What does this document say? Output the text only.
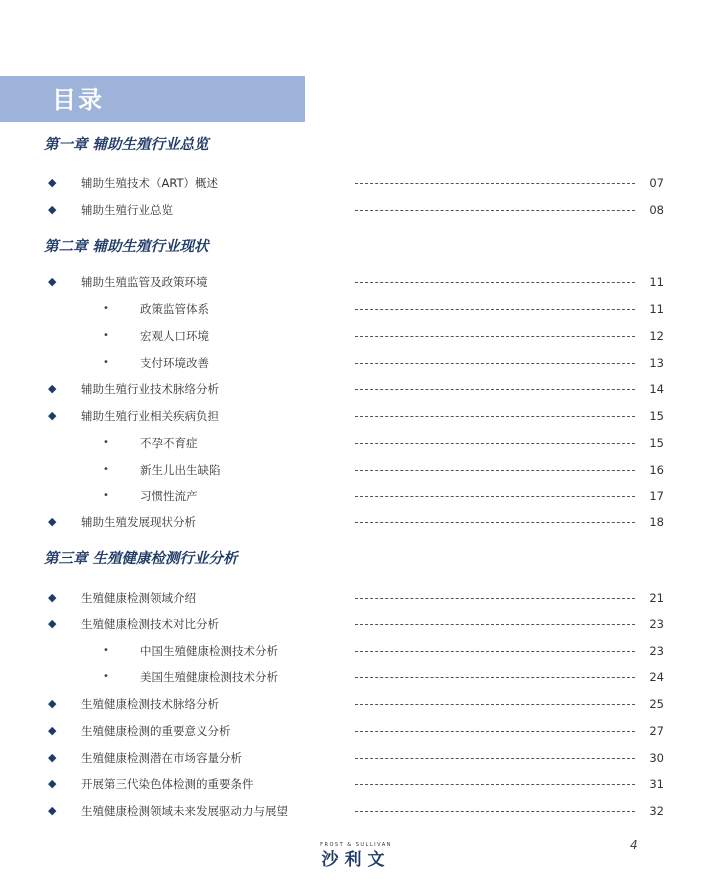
目录
第一章 辅助生殖行业总览
◆ 辅助生殖技术（ART）概述	07
◆ 辅助生殖行业总览	08
第二章 辅助生殖行业现状
◆ 辅助生殖监管及政策环境	11
•	政策监管体系	11
•	宏观人口环境	12
•	支付环境改善	13
◆ 辅助生殖行业技术脉络分析	14
◆ 辅助生殖行业相关疾病负担	15
•	不孕不育症	15
•	新生儿出生缺陷	16
•	习惯性流产	17
◆ 辅助生殖发展现状分析	18
第三章 生殖健康检测行业分析
◆ 生殖健康检测领域介绍	21
◆ 生殖健康检测技术对比分析	23
•	中国生殖健康检测技术分析	23
•	美国生殖健康检测技术分析	24
◆ 生殖健康检测技术脉络分析	25
◆ 生殖健康检测的重要意义分析	27
◆ 生殖健康检测潜在市场容量分析	30
◆ 开展第三代染色体检测的重要条件	31
◆ 生殖健康检测领域未来发展驱动力与展望	32
FROST & SULLIVAN
沙利文
4
